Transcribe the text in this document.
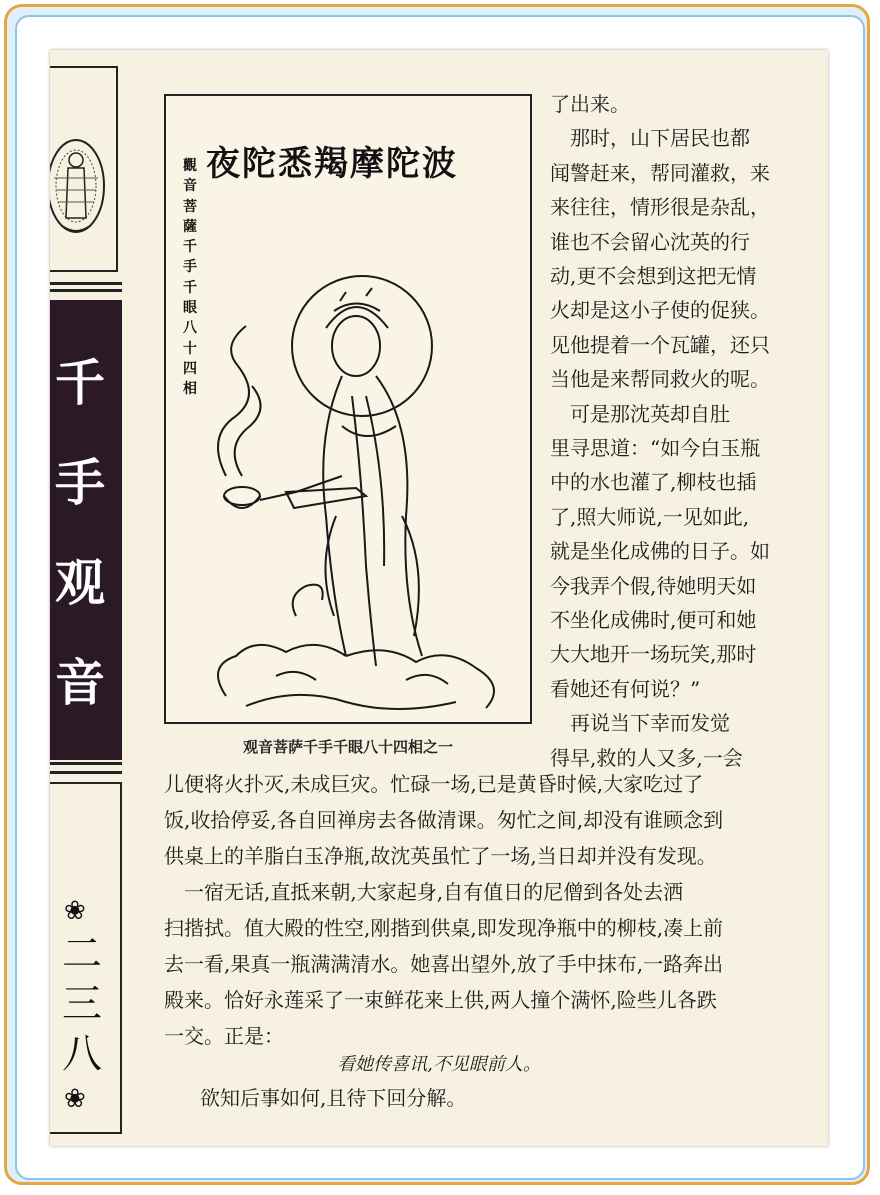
千
手
观
音
❀
二
三
八
❀
觀音菩薩千手千眼八十四相
夜陀悉羯摩陀波
观音菩萨千手千眼八十四相之一
了出来。
　那时，山下居民也都
闻警赶来，帮同灌救，来
来往往，情形很是杂乱，
谁也不会留心沈英的行
动,更不会想到这把无情
火却是这小子使的促狭。
见他提着一个瓦罐，还只
当他是来帮同救火的呢。
　可是那沈英却自肚
里寻思道：“如今白玉瓶
中的水也灌了,柳枝也插
了,照大师说,一见如此,
就是坐化成佛的日子。如
今我弄个假,待她明天如
不坐化成佛时,便可和她
大大地开一场玩笑,那时
看她还有何说？”
　再说当下幸而发觉
得早,救的人又多,一会
儿便将火扑灭,未成巨灾。忙碌一场,已是黄昏时候,大家吃过了
饭,收拾停妥,各自回禅房去各做清课。匆忙之间,却没有谁顾念到
供桌上的羊脂白玉净瓶,故沈英虽忙了一场,当日却并没有发现。
　一宿无话,直抵来朝,大家起身,自有值日的尼僧到各处去洒
扫揩拭。值大殿的性空,刚揩到供桌,即发现净瓶中的柳枝,凑上前
去一看,果真一瓶满满清水。她喜出望外,放了手中抹布,一路奔出
殿来。恰好永莲采了一束鲜花来上供,两人撞个满怀,险些儿各跌
一交。正是：
看她传喜讯,不见眼前人。
　欲知后事如何,且待下回分解。
